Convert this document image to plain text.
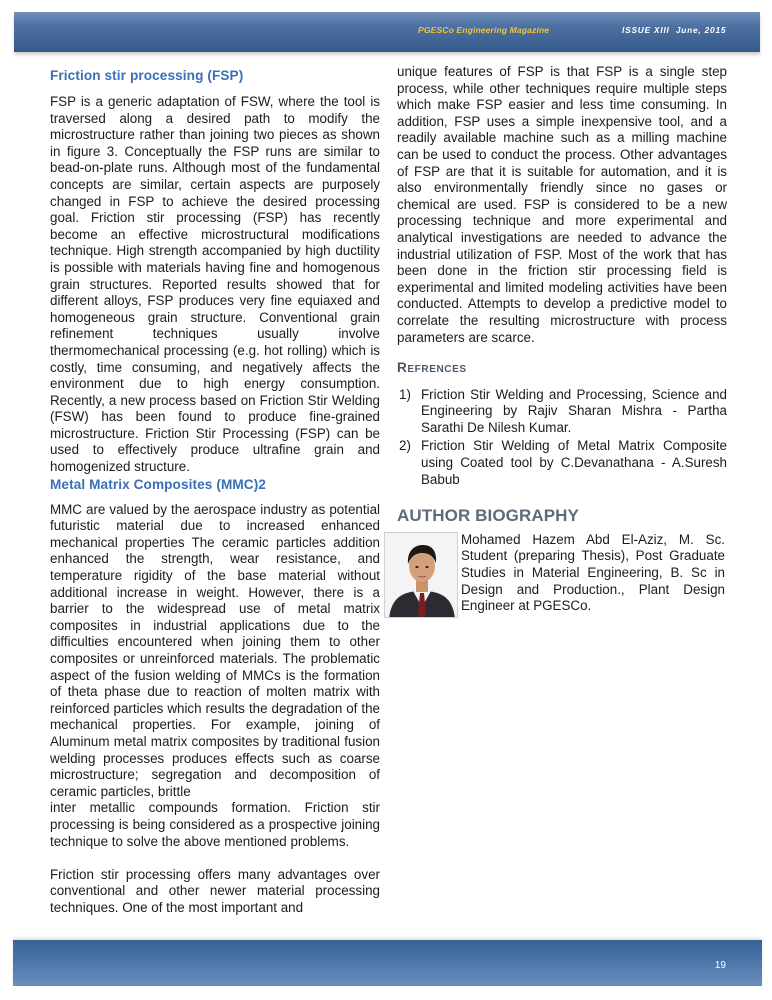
PGESCo Engineering Magazine	ISSUE XIII  June, 2015
Friction stir processing (FSP)

FSP is a generic adaptation of FSW, where the tool is traversed along a desired path to modify the microstructure rather than joining two pieces as shown in figure 3. Conceptually the FSP runs are similar to bead-on-plate runs. Although most of the fundamental concepts are similar, certain aspects are purposely changed in FSP to achieve the desired processing goal. Friction stir processing (FSP) has recently become an effective microstructural modifications technique. High strength accompanied by high ductility is possible with materials having fine and homogenous grain structures. Reported results showed that for different alloys, FSP produces very fine equiaxed and homogeneous grain structure. Conventional grain refinement techniques usually involve thermomechanical processing (e.g. hot rolling) which is costly, time consuming, and negatively affects the environment due to high energy consumption. Recently, a new process based on Friction Stir Welding (FSW) has been found to produce fine-grained microstructure. Friction Stir Processing (FSP) can be used to effectively produce ultrafine grain and homogenized structure.

Metal Matrix Composites (MMC)2

MMC are valued by the aerospace industry as potential futuristic material due to increased enhanced mechanical properties The ceramic particles addition enhanced the strength, wear resistance, and temperature rigidity of the base material without additional increase in weight. However, there is a barrier to the widespread use of metal matrix composites in industrial applications due to the difficulties encountered when joining them to other composites or unreinforced materials. The problematic aspect of the fusion welding of MMCs is the formation of theta phase due to reaction of molten matrix with reinforced particles which results the degradation of the mechanical properties. For example, joining of Aluminum metal matrix composites by traditional fusion welding processes produces effects such as coarse microstructure; segregation and decomposition of ceramic particles, brittle

inter metallic compounds formation. Friction stir processing is being considered as a prospective joining technique to solve the above mentioned problems.

Friction stir processing offers many advantages over conventional and other newer material processing techniques. One of the most important and

unique features of FSP is that FSP is a single step process, while other techniques require multiple steps which make FSP easier and less time consuming. In addition, FSP uses a simple inexpensive tool, and a readily available machine such as a milling machine can be used to conduct the process. Other advantages of FSP are that it is suitable for automation, and it is also environmentally friendly since no gases or chemical are used. FSP is considered to be a new processing technique and more experimental and analytical investigations are needed to advance the industrial utilization of FSP. Most of the work that has been done in the friction stir processing field is experimental and limited modeling activities have been conducted. Attempts to develop a predictive model to correlate the resulting microstructure with process parameters are scarce.

Refrences
1) Friction Stir Welding and Processing, Science and Engineering by Rajiv Sharan Mishra - Partha Sarathi De Nilesh Kumar.
2) Friction Stir Welding of Metal Matrix Composite using Coated tool by C.Devanathana - A.Suresh Babub
AUTHOR BIOGRAPHY

Mohamed Hazem Abd El-Aziz, M. Sc. Student (preparing Thesis), Post Graduate Studies in Material Engineering, B. Sc in Design and Production., Plant Design Engineer at PGESCo.

19
